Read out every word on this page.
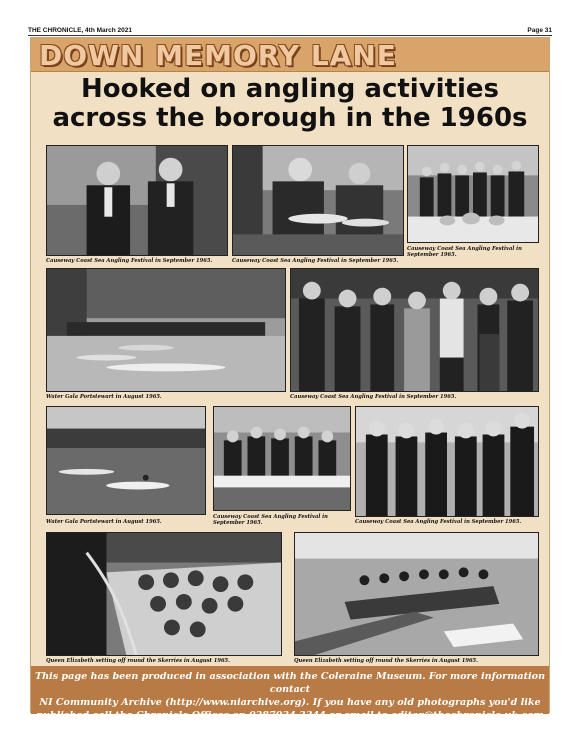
THE CHRONICLE, 4th March 2021	Page 31
DOWN MEMORY LANE
Hooked on angling activities
across the borough in the 1960s
Causeway Coast Sea Angling Festival in September 1965.	Causeway Coast Sea Angling Festival in September 1965.
Causeway Coast Sea Angling Festival in September 1965.
Water Gala Portstewart in August 1965.	Causeway Coast Sea Angling Festival in September 1965.
Water Gala Portstewart in August 1965.
Causeway Coast Sea Angling Festival in September 1965.	Causeway Coast Sea Angling Festival in September 1965.
Queen Elizabeth setting off round the Skerries in August 1965.	Queen Elizabeth setting off round the Skerries in August 1965.
This page has been produced in association with the Coleraine Museum. For more information contact
NI Community Archive (http://www.niarchive.org). If you have any old photographs you'd like
published call the Chronicle Offices on 0287034 3344 or email to editor@thechronicle.uk.com
